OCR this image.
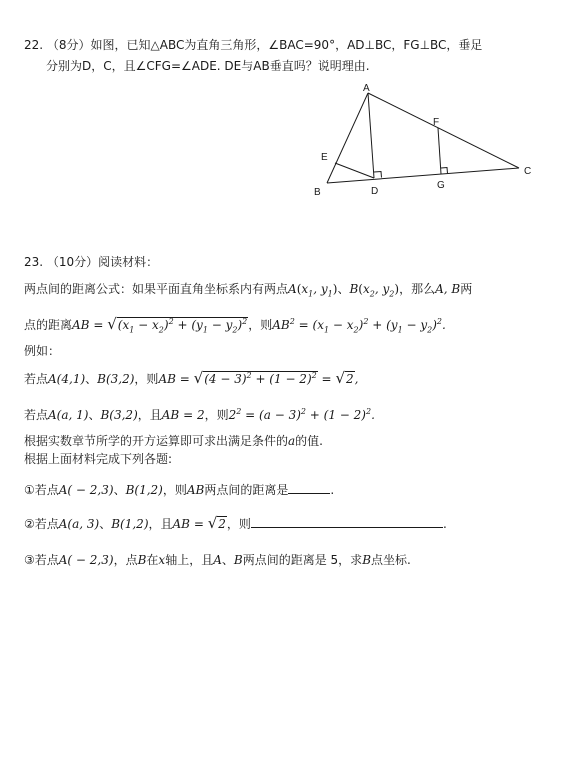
22. （8分）如图，已知△ABC为直角三角形，∠BAC=90°，AD⊥BC，FG⊥BC，垂足
分别为D，C，且∠CFG=∠ADE. DE与AB垂直吗？说明理由.
A
B
C
D
E
F
G
23. （10分）阅读材料：
两点间的距离公式：如果平面直角坐标系内有两点$A(x_1$, $y_1$)、$B(x_2$, $y_2$)，那么A, B两
点的距离AB = $√(x_1 - x_2)^2 + (y_1 - y_2)^2$，则$AB^2 = (x_1 - x_2)^2 + (y_1 - y_2)^2$.
例如：
若点A(4,1)、B(3,2)，则AB = $√(4 - 3)^2 + (1 - 2)^2 = √2$,
若点A(a, 1)、B(3,2)，且AB = 2，则$2^2 = (a - 3)^2 + (1 - 2)^2$.
根据实数章节所学的开方运算即可求出满足条件的a的值.
根据上面材料完成下列各题:
①若点A( − 2,3)、B(1,2)，则AB两点间的距离是	.
②若点A(a, 3)、B(1,2)，且AB = √2，则	.
③若点A( − 2,3)，点B在x轴上，且A、B两点间的距离是 5，求B点坐标.
